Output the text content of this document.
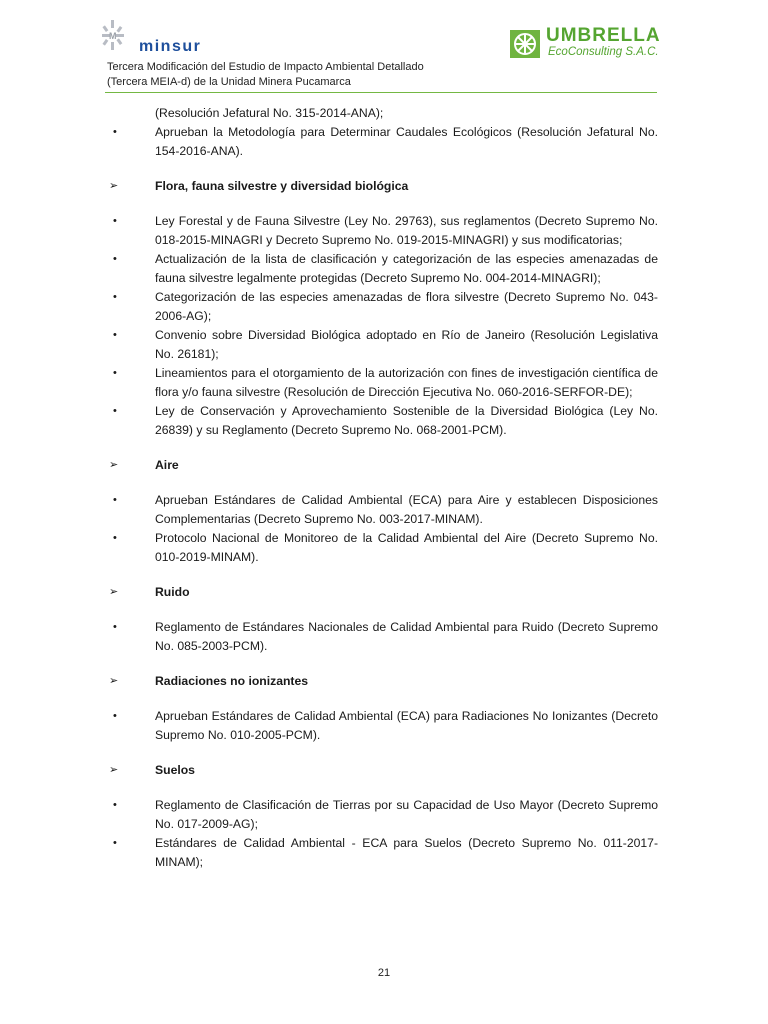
M
minsur
UMBRELLA
EcoConsulting S.A.C.
Tercera Modificación del Estudio de Impacto Ambiental Detallado
(Tercera MEIA-d) de la Unidad Minera Pucamarca
(Resolución Jefatural No. 315-2014-ANA);
•	Aprueban la Metodología para Determinar Caudales Ecológicos (Resolución Jefatural No. 154-2016-ANA).
➢	Flora, fauna silvestre y diversidad biológica
•	Ley Forestal y de Fauna Silvestre (Ley No. 29763), sus reglamentos (Decreto Supremo No. 018-2015-MINAGRI y Decreto Supremo No. 019-2015-MINAGRI) y sus modificatorias;
•	Actualización de la lista de clasificación y categorización de las especies amenazadas de fauna silvestre legalmente protegidas (Decreto Supremo No. 004-2014-MINAGRI);
•	Categorización de las especies amenazadas de flora silvestre (Decreto Supremo No. 043-2006-AG);
•	Convenio sobre Diversidad Biológica adoptado en Río de Janeiro (Resolución Legislativa No. 26181);
•	Lineamientos para el otorgamiento de la autorización con fines de investigación científica de flora y/o fauna silvestre (Resolución de Dirección Ejecutiva No. 060-2016-SERFOR-DE);
•	Ley de Conservación y Aprovechamiento Sostenible de la Diversidad Biológica (Ley No. 26839) y su Reglamento (Decreto Supremo No. 068-2001-PCM).
➢	Aire
•	Aprueban Estándares de Calidad Ambiental (ECA) para Aire y establecen Disposiciones Complementarias (Decreto Supremo No. 003-2017-MINAM).
•	Protocolo Nacional de Monitoreo de la Calidad Ambiental del Aire (Decreto Supremo No. 010-2019-MINAM).
➢	Ruido
•	Reglamento de Estándares Nacionales de Calidad Ambiental para Ruido (Decreto Supremo No. 085-2003-PCM).
➢	Radiaciones no ionizantes
•	Aprueban Estándares de Calidad Ambiental (ECA) para Radiaciones No Ionizantes (Decreto Supremo No. 010-2005-PCM).
➢	Suelos
•	Reglamento de Clasificación de Tierras por su Capacidad de Uso Mayor (Decreto Supremo No. 017-2009-AG);
•	Estándares de Calidad Ambiental - ECA para Suelos (Decreto Supremo No. 011-2017-MINAM);
21
